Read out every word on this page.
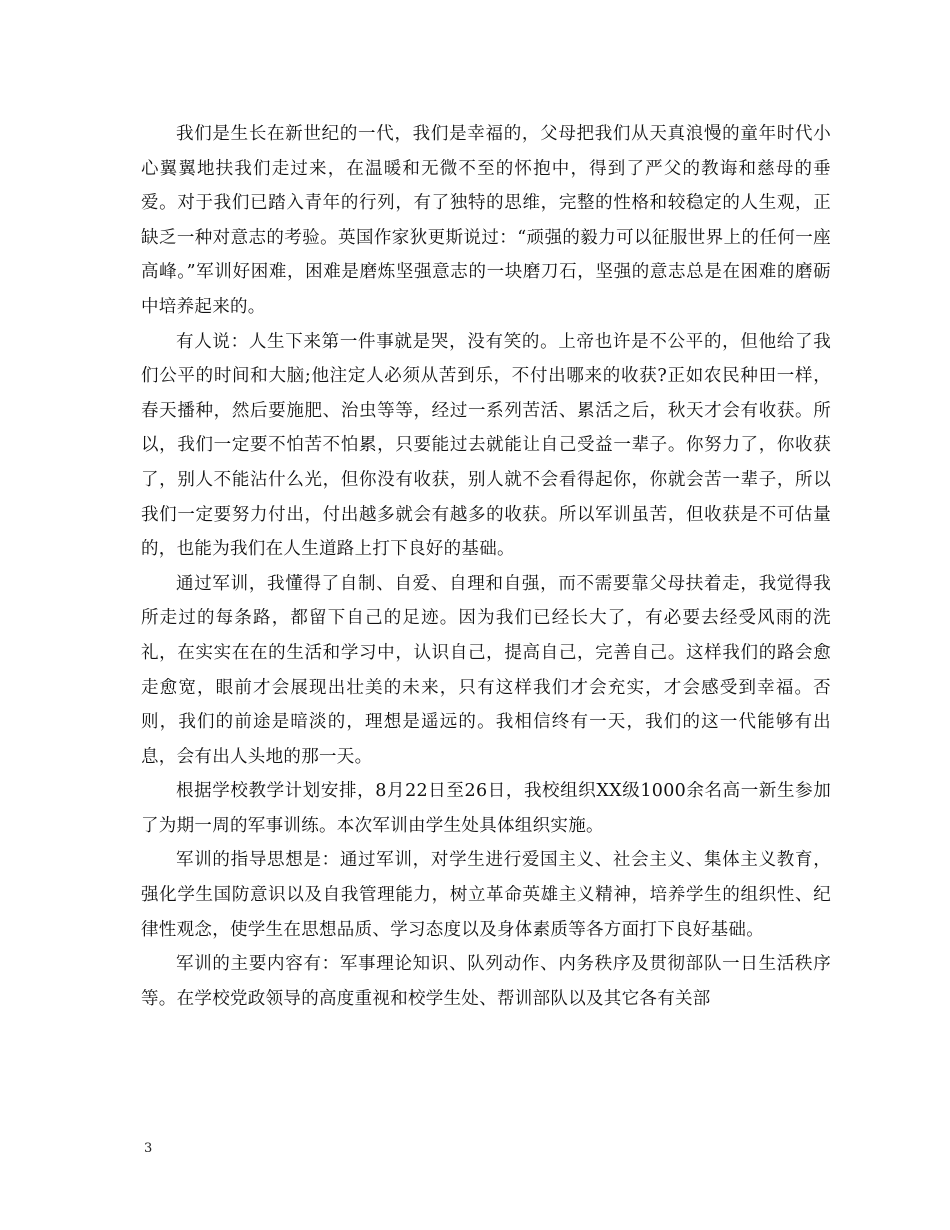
我们是生长在新世纪的一代，我们是幸福的，父母把我们从天真浪慢的童年时代小心翼翼地扶我们走过来，在温暖和无微不至的怀抱中，得到了严父的教诲和慈母的垂爱。对于我们已踏入青年的行列，有了独特的思维，完整的性格和较稳定的人生观，正缺乏一种对意志的考验。英国作家狄更斯说过：“顽强的毅力可以征服世界上的任何一座高峰。”军训好困难，困难是磨炼坚强意志的一块磨刀石，坚强的意志总是在困难的磨砺中培养起来的。

有人说：人生下来第一件事就是哭，没有笑的。上帝也许是不公平的，但他给了我们公平的时间和大脑;他注定人必须从苦到乐，不付出哪来的收获?正如农民种田一样，春天播种，然后要施肥、治虫等等，经过一系列苦活、累活之后，秋天才会有收获。所以，我们一定要不怕苦不怕累，只要能过去就能让自己受益一辈子。你努力了，你收获了，别人不能沾什么光，但你没有收获，别人就不会看得起你，你就会苦一辈子，所以我们一定要努力付出，付出越多就会有越多的收获。所以军训虽苦，但收获是不可估量的，也能为我们在人生道路上打下良好的基础。

通过军训，我懂得了自制、自爱、自理和自强，而不需要靠父母扶着走，我觉得我所走过的每条路，都留下自己的足迹。因为我们已经长大了，有必要去经受风雨的洗礼，在实实在在的生活和学习中，认识自己，提高自己，完善自己。这样我们的路会愈走愈宽，眼前才会展现出壮美的未来，只有这样我们才会充实，才会感受到幸福。否则，我们的前途是暗淡的，理想是遥远的。我相信终有一天，我们的这一代能够有出息，会有出人头地的那一天。

根据学校教学计划安排，8月22日至26日，我校组织XX级1000余名高一新生参加了为期一周的军事训练。本次军训由学生处具体组织实施。

军训的指导思想是：通过军训，对学生进行爱国主义、社会主义、集体主义教育，强化学生国防意识以及自我管理能力，树立革命英雄主义精神，培养学生的组织性、纪律性观念，使学生在思想品质、学习态度以及身体素质等各方面打下良好基础。

军训的主要内容有：军事理论知识、队列动作、内务秩序及贯彻部队一日生活秩序等。在学校党政领导的高度重视和校学生处、帮训部队以及其它各有关部

3
